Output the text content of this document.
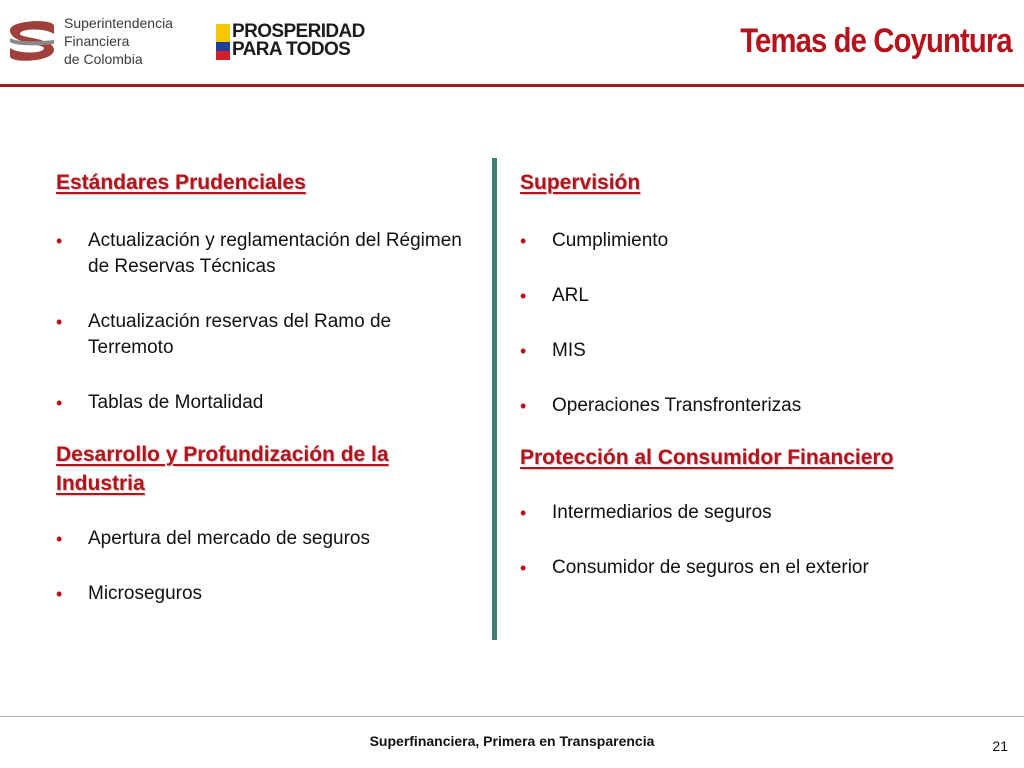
Superintendencia
Financiera
de Colombia
PROSPERIDAD
PARA TODOS	Temas de Coyuntura
Estándares Prudenciales
• Actualización y reglamentación del Régimen de Reservas Técnicas
• Actualización reservas del Ramo de Terremoto
• Tablas de Mortalidad
Desarrollo y Profundización de la Industria
• Apertura del mercado de seguros
• Microseguros
Supervisión
• Cumplimiento
• ARL
• MIS
• Operaciones Transfronterizas
Protección al Consumidor Financiero
• Intermediarios de seguros
• Consumidor de seguros en el exterior
Superfinanciera, Primera en Transparencia	21
